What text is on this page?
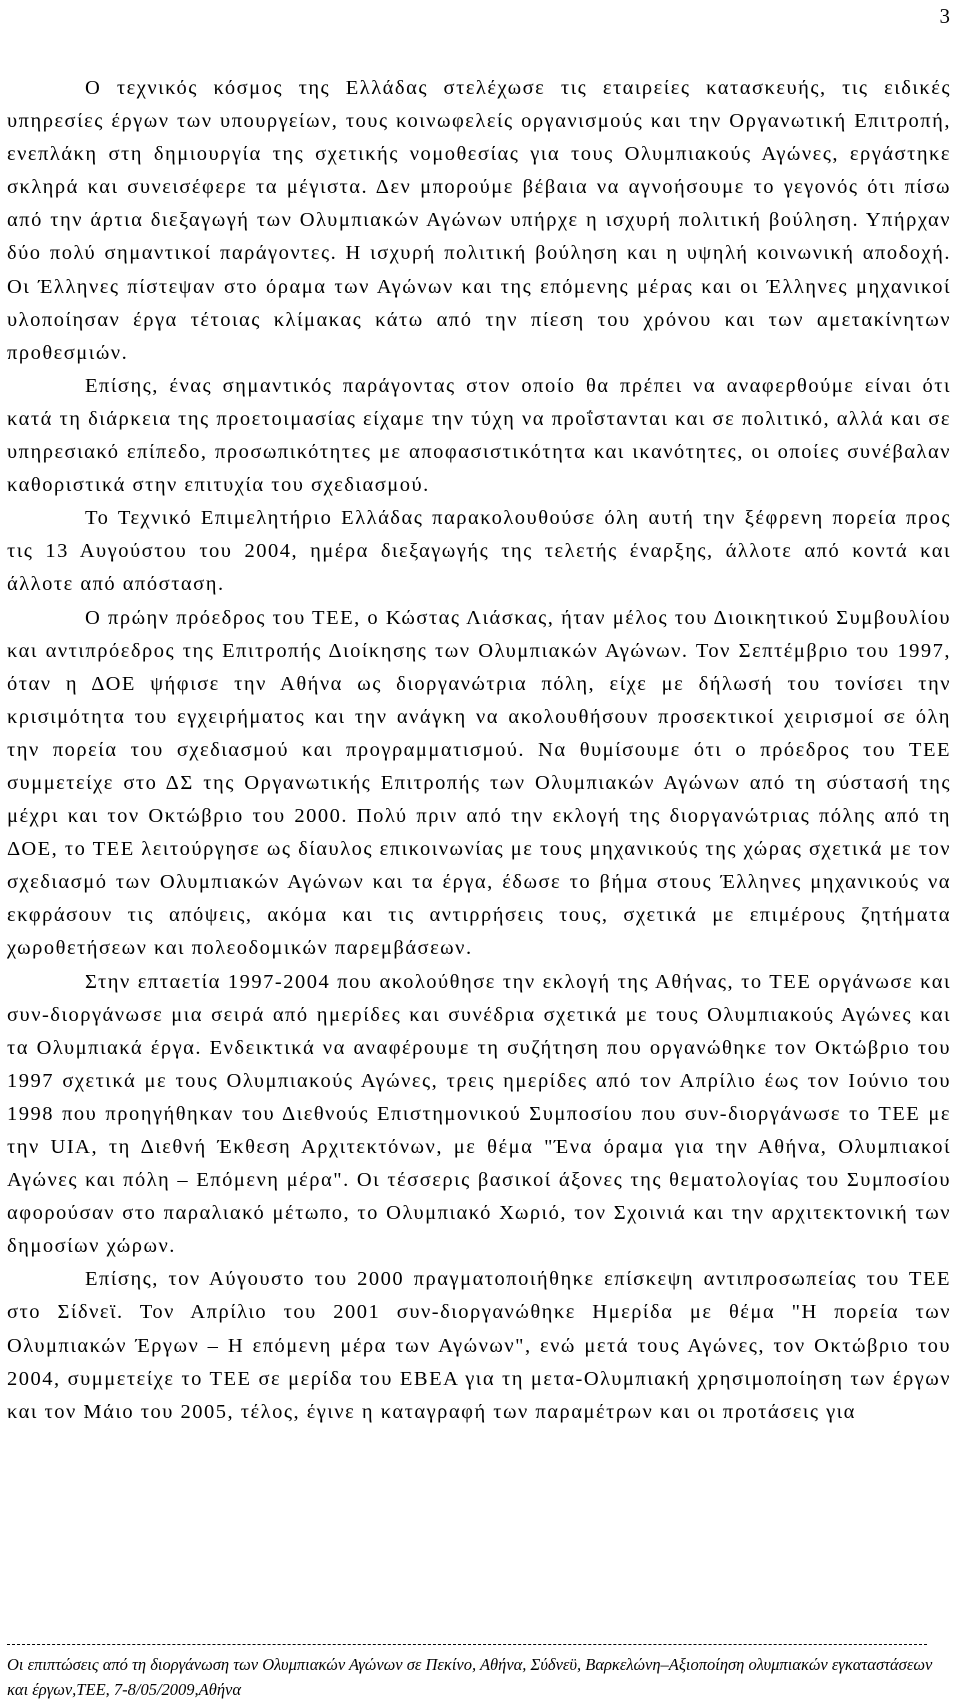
3

Ο τεχνικός κόσμος της Ελλάδας στελέχωσε τις εταιρείες κατασκευής, τις ειδικές υπηρεσίες έργων των υπουργείων, τους κοινωφελείς οργανισμούς και την Οργανωτική Επιτροπή, ενεπλάκη στη δημιουργία της σχετικής νομοθεσίας για τους Ολυμπιακούς Αγώνες, εργάστηκε σκληρά και συνεισέφερε τα μέγιστα. Δεν μπορούμε βέβαια να αγνοήσουμε το γεγονός ότι πίσω από την άρτια διεξαγωγή των Ολυμπιακών Αγώνων υπήρχε η ισχυρή πολιτική βούληση. Υπήρχαν δύο πολύ σημαντικοί παράγοντες. Η ισχυρή πολιτική βούληση και η υψηλή κοινωνική αποδοχή. Οι Έλληνες πίστεψαν στο όραμα των Αγώνων και της επόμενης μέρας και οι Έλληνες μηχανικοί υλοποίησαν έργα τέτοιας κλίμακας κάτω από την πίεση του χρόνου και των αμετακίνητων προθεσμιών.

Επίσης, ένας σημαντικός παράγοντας στον οποίο θα πρέπει να αναφερθούμε είναι ότι κατά τη διάρκεια της προετοιμασίας είχαμε την τύχη να προΐστανται και σε πολιτικό, αλλά και σε υπηρεσιακό επίπεδο, προσωπικότητες με αποφασιστικότητα και ικανότητες, οι οποίες συνέβαλαν καθοριστικά στην επιτυχία του σχεδιασμού.

Το Τεχνικό Επιμελητήριο Ελλάδας παρακολουθούσε όλη αυτή την ξέφρενη πορεία προς τις 13 Αυγούστου του 2004, ημέρα διεξαγωγής της τελετής έναρξης, άλλοτε από κοντά και άλλοτε από απόσταση.

Ο πρώην πρόεδρος του ΤΕΕ, ο Κώστας Λιάσκας, ήταν μέλος του Διοικητικού Συμβουλίου και αντιπρόεδρος της Επιτροπής Διοίκησης των Ολυμπιακών Αγώνων. Τον Σεπτέμβριο του 1997, όταν η ΔΟΕ ψήφισε την Αθήνα ως διοργανώτρια πόλη, είχε με δήλωσή του τονίσει την κρισιμότητα του εγχειρήματος και την ανάγκη να ακολουθήσουν προσεκτικοί χειρισμοί σε όλη την πορεία του σχεδιασμού και προγραμματισμού. Να θυμίσουμε ότι ο πρόεδρος του ΤΕΕ συμμετείχε στο ΔΣ της Οργανωτικής Επιτροπής των Ολυμπιακών Αγώνων από τη σύστασή της μέχρι και τον Οκτώβριο του 2000. Πολύ πριν από την εκλογή της διοργανώτριας πόλης από τη ΔΟΕ, το ΤΕΕ λειτούργησε ως δίαυλος επικοινωνίας με τους μηχανικούς της χώρας σχετικά με τον σχεδιασμό των Ολυμπιακών Αγώνων και τα έργα, έδωσε το βήμα στους Έλληνες μηχανικούς να εκφράσουν τις απόψεις, ακόμα και τις αντιρρήσεις τους, σχετικά με επιμέρους ζητήματα χωροθετήσεων και πολεοδομικών παρεμβάσεων.

Στην επταετία 1997-2004 που ακολούθησε την εκλογή της Αθήνας, το ΤΕΕ οργάνωσε και συν-διοργάνωσε μια σειρά από ημερίδες και συνέδρια σχετικά με τους Ολυμπιακούς Αγώνες και τα Ολυμπιακά έργα. Ενδεικτικά να αναφέρουμε τη συζήτηση που οργανώθηκε τον Οκτώβριο του 1997 σχετικά με τους Ολυμπιακούς Αγώνες, τρεις ημερίδες από τον Απρίλιο έως τον Ιούνιο του 1998 που προηγήθηκαν του Διεθνούς Επιστημονικού Συμποσίου που συν-διοργάνωσε το ΤΕΕ με την UIA, τη Διεθνή Έκθεση Αρχιτεκτόνων, με θέμα "Ένα όραμα για την Αθήνα, Ολυμπιακοί Αγώνες και πόλη – Επόμενη μέρα". Οι τέσσερις βασικοί άξονες της θεματολογίας του Συμποσίου αφορούσαν στο παραλιακό μέτωπο, το Ολυμπιακό Χωριό, τον Σχοινιά και την αρχιτεκτονική των δημοσίων χώρων.

Επίσης, τον Αύγουστο του 2000 πραγματοποιήθηκε επίσκεψη αντιπροσωπείας του ΤΕΕ στο Σίδνεϊ. Τον Απρίλιο του 2001 συν-διοργανώθηκε Ημερίδα με θέμα "Η πορεία των Ολυμπιακών Έργων – Η επόμενη μέρα των Αγώνων", ενώ μετά τους Αγώνες, τον Οκτώβριο του 2004, συμμετείχε το ΤΕΕ σε μερίδα του ΕΒΕΑ για τη μετα-Ολυμπιακή χρησιμοποίηση των έργων και τον Μάιο του 2005, τέλος, έγινε η καταγραφή των παραμέτρων και οι προτάσεις για

Οι επιπτώσεις από τη διοργάνωση των Ολυμπιακών Αγώνων σε Πεκίνο, Αθήνα, Σύδνεϋ, Βαρκελώνη–Αξιοποίηση ολυμπιακών εγκαταστάσεων και έργων,ΤΕΕ, 7-8/05/2009,Αθήνα
